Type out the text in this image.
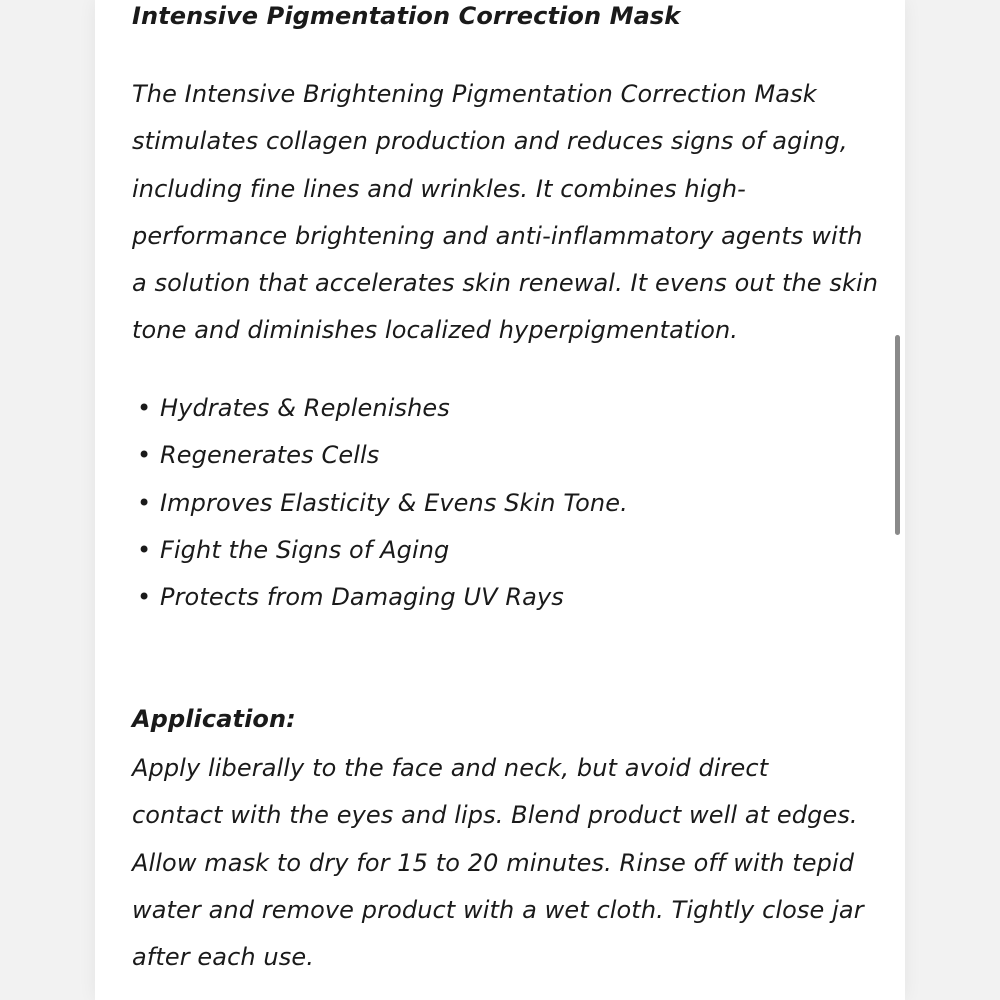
Intensive Pigmentation Correction Mask

The Intensive Brightening Pigmentation Correction Mask
stimulates collagen production and reduces signs of aging,
including fine lines and wrinkles. It combines high-
performance brightening and anti-inflammatory agents with
a solution that accelerates skin renewal. It evens out the skin
tone and diminishes localized hyperpigmentation.

• Hydrates & Replenishes
• Regenerates Cells
• Improves Elasticity & Evens Skin Tone.
• Fight the Signs of Aging
• Protects from Damaging UV Rays
Application:
Apply liberally to the face and neck, but avoid direct
contact with the eyes and lips. Blend product well at edges.
Allow mask to dry for 15 to 20 minutes. Rinse off with tepid
water and remove product with a wet cloth. Tightly close jar
after each use.
